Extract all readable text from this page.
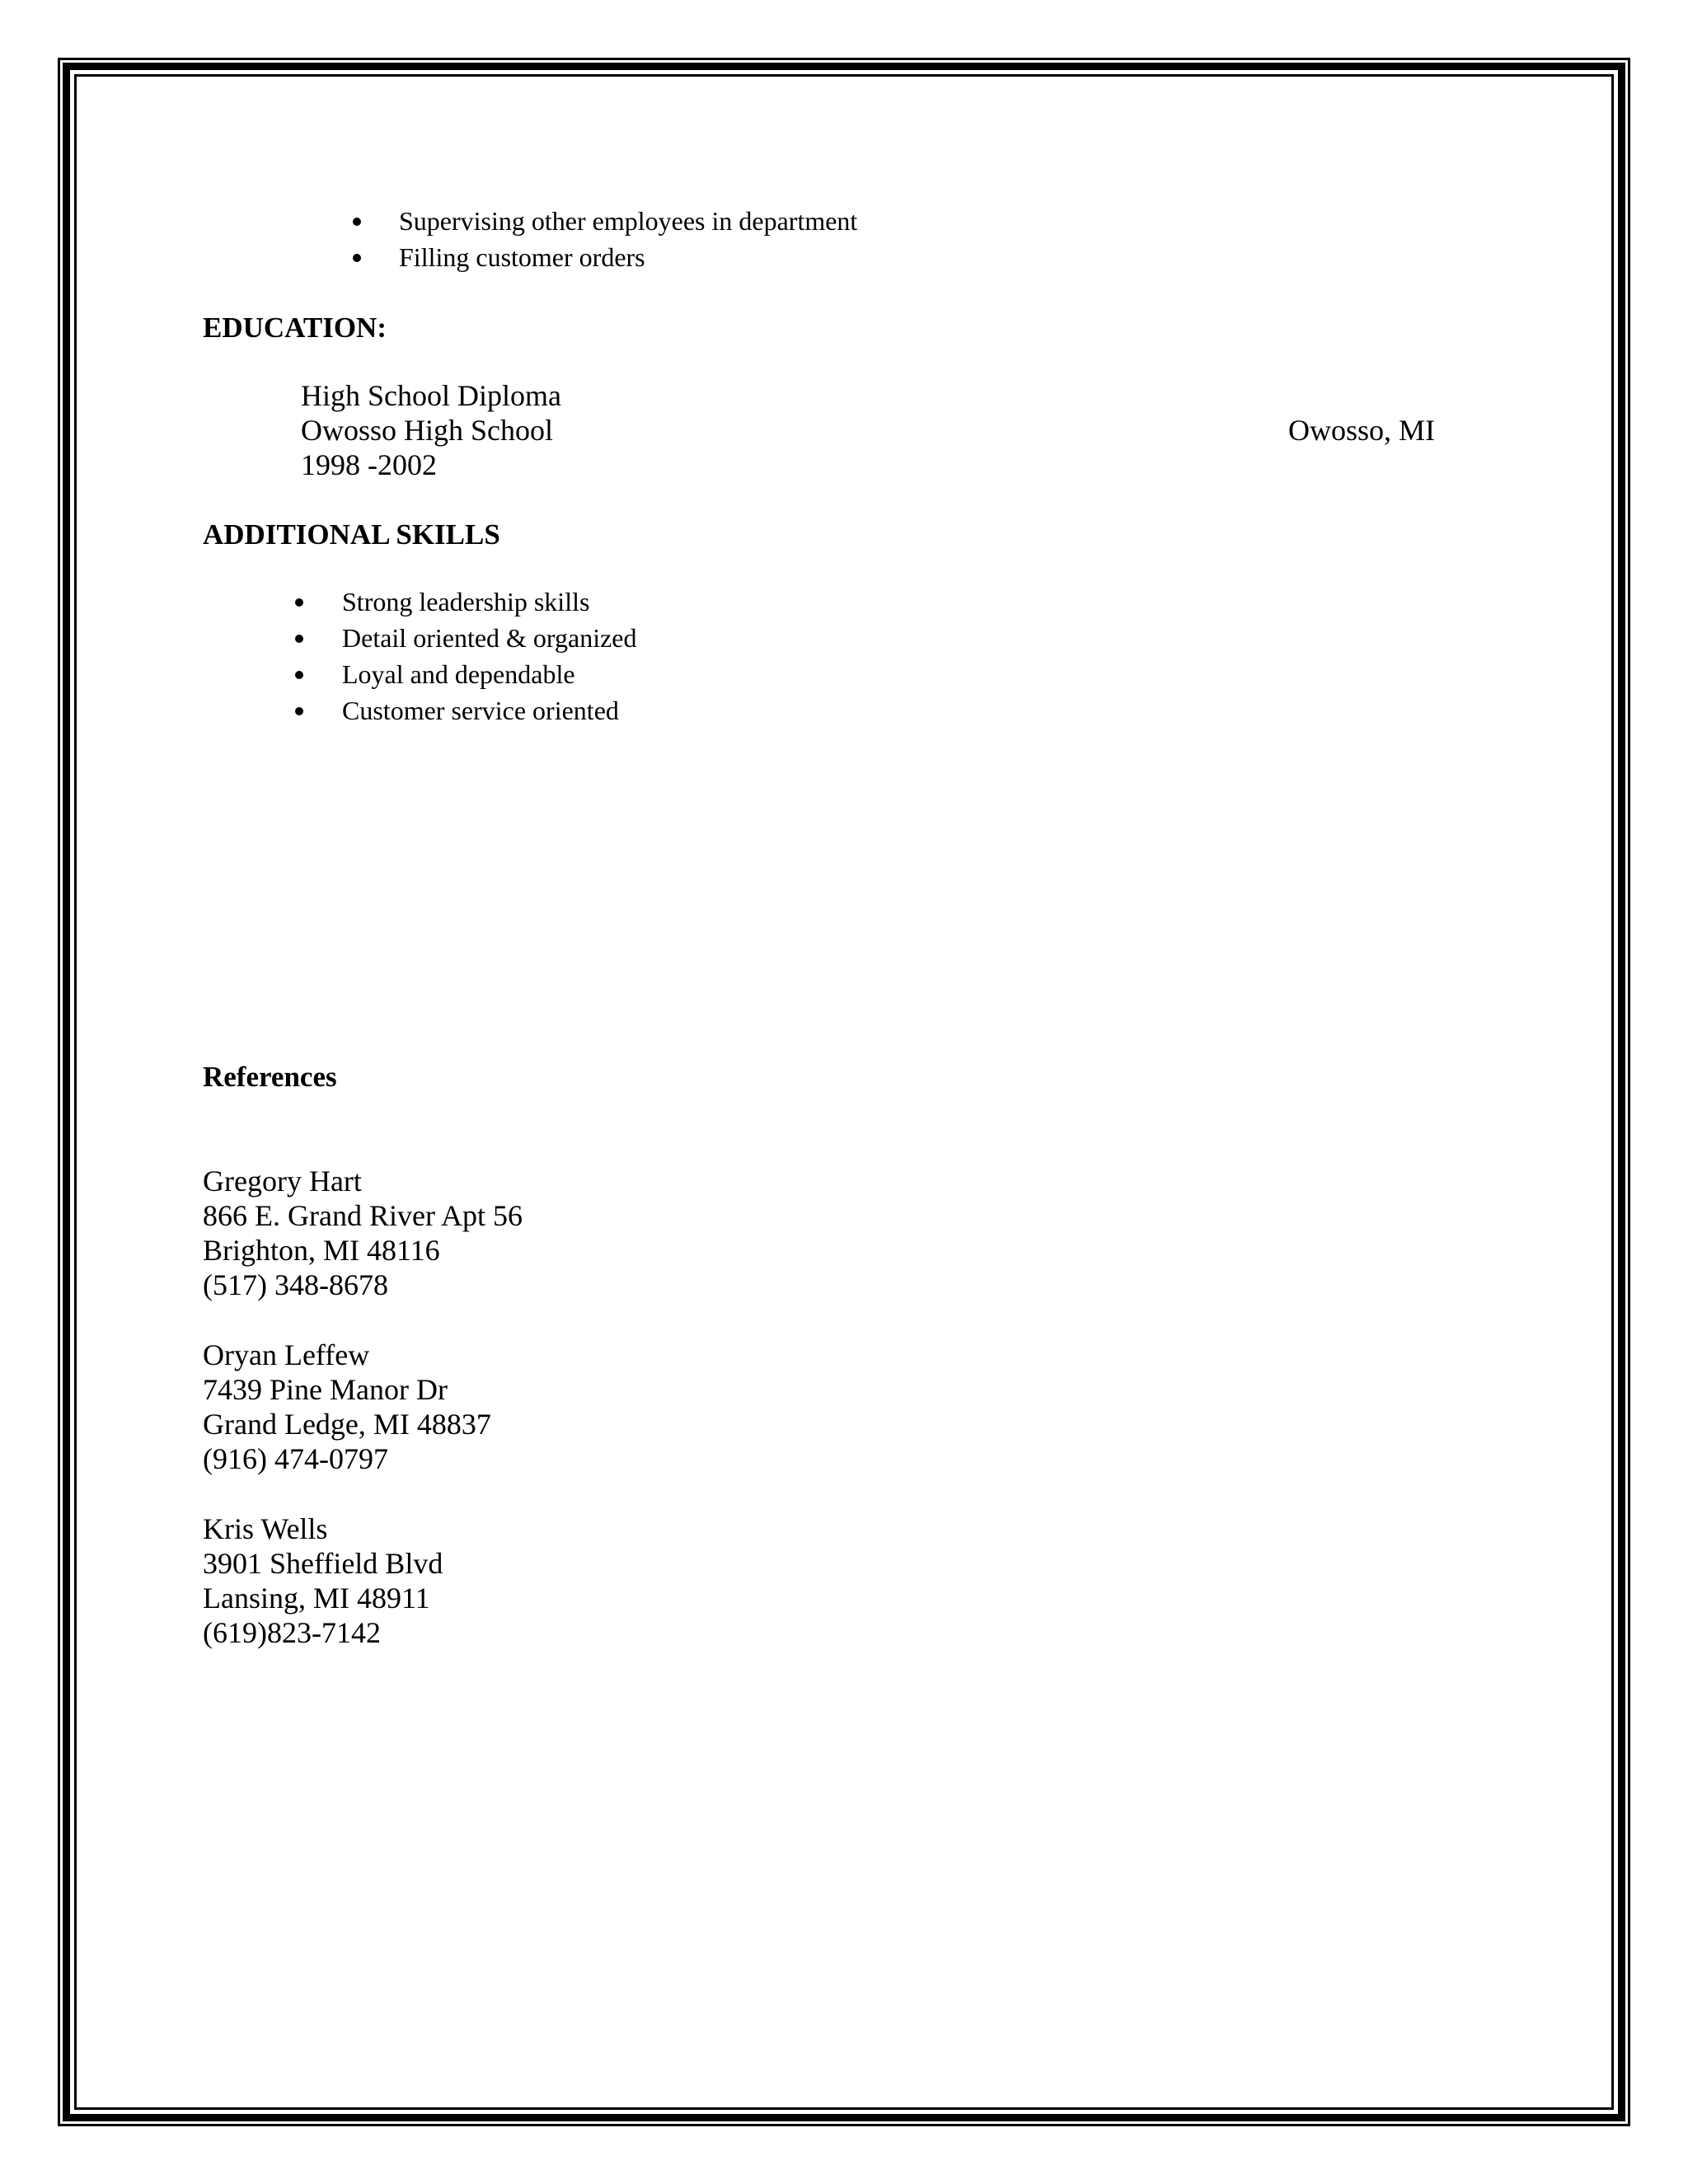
Supervising other employees in department
Filling customer orders
EDUCATION:
High School Diploma
Owosso High School	Owosso, MI
1998 -2002
ADDITIONAL SKILLS
Strong leadership skills
Detail oriented & organized
Loyal and dependable
Customer service oriented
References
Gregory Hart
866 E. Grand River Apt 56
Brighton, MI 48116
(517) 348-8678
Oryan Leffew
7439 Pine Manor Dr
Grand Ledge, MI 48837
(916) 474-0797
Kris Wells
3901 Sheffield Blvd
Lansing, MI 48911
(619)823-7142
